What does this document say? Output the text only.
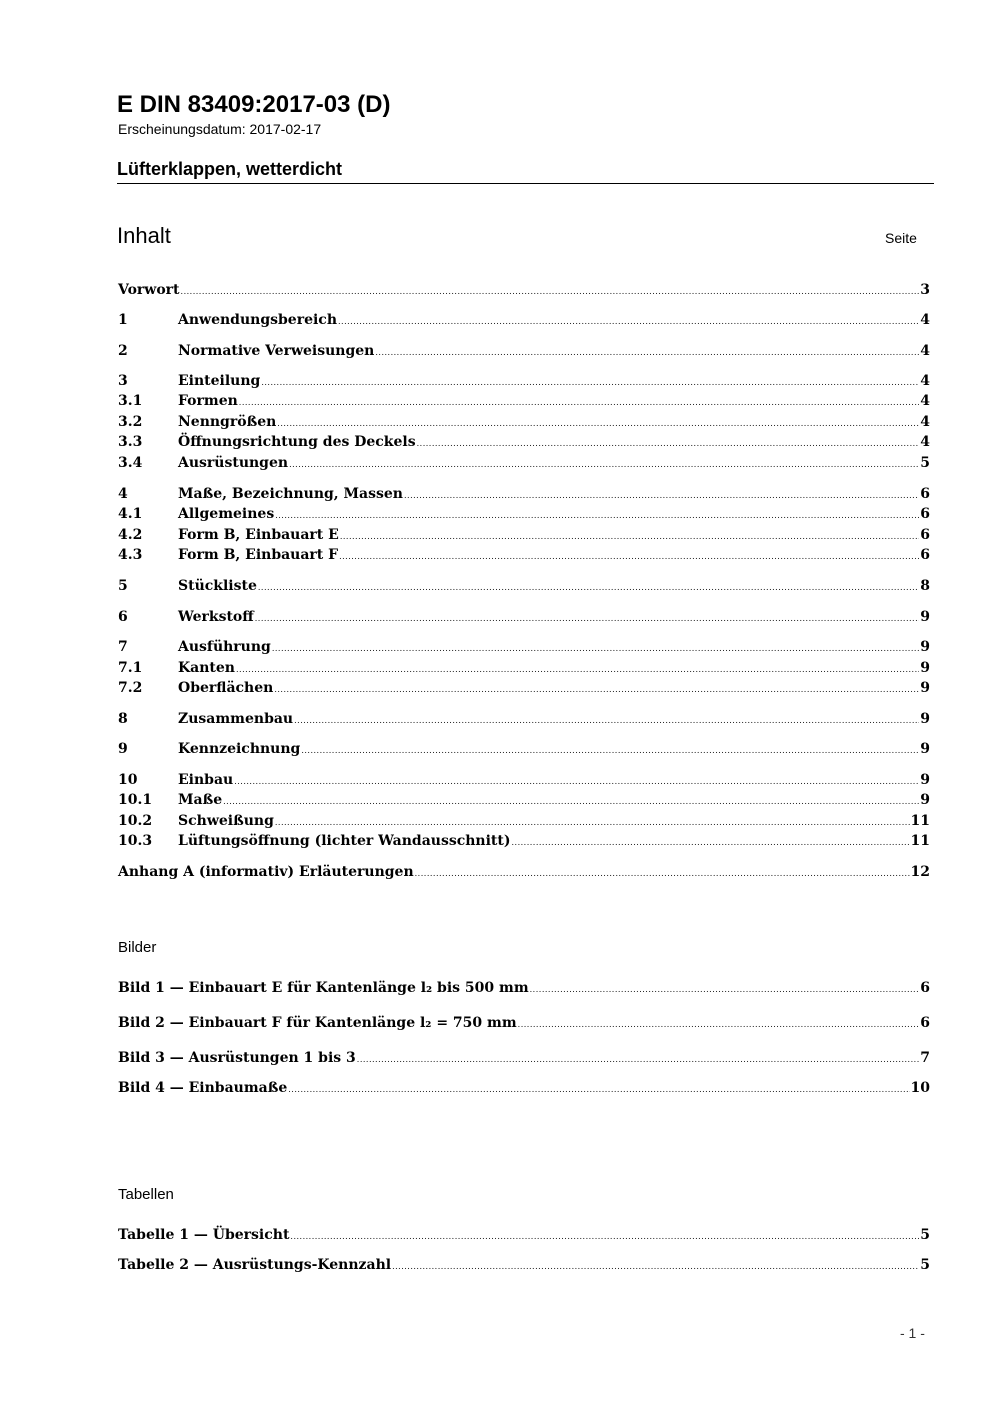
E DIN 83409:2017-03 (D)
Erscheinungsdatum: 2017-02-17
Lüfterklappen, wetterdicht
Inhalt	Seite
Vorwort .....	3
1	Anwendungsbereich .....	4
2	Normative Verweisungen .....	4
3	Einteilung .....	4
3.1	Formen .....	4
3.2	Nenngrößen .....	4
3.3	Öffnungsrichtung des Deckels .....	4
3.4	Ausrüstungen .....	5
4	Maße, Bezeichnung, Massen .....	6
4.1	Allgemeines .....	6
4.2	Form B, Einbauart E .....	6
4.3	Form B, Einbauart F .....	6
5	Stückliste .....	8
6	Werkstoff .....	9
7	Ausführung .....	9
7.1	Kanten .....	9
7.2	Oberflächen .....	9
8	Zusammenbau .....	9
9	Kennzeichnung .....	9
10	Einbau .....	9
10.1	Maße .....	9
10.2	Schweißung .....	11
10.3	Lüftungsöffnung (lichter Wandausschnitt) .....	11
Anhang A (informativ) Erläuterungen .....	12
Bilder
Bild 1 — Einbauart E für Kantenlänge l₂ bis 500 mm .....	6
Bild 2 — Einbauart F für Kantenlänge l₂ = 750 mm .....	6
Bild 3 — Ausrüstungen 1 bis 3 .....	7
Bild 4 — Einbaumaße .....	10
Tabellen
Tabelle 1 — Übersicht .....	5
Tabelle 2 — Ausrüstungs-Kennzahl .....	5
- 1 -
